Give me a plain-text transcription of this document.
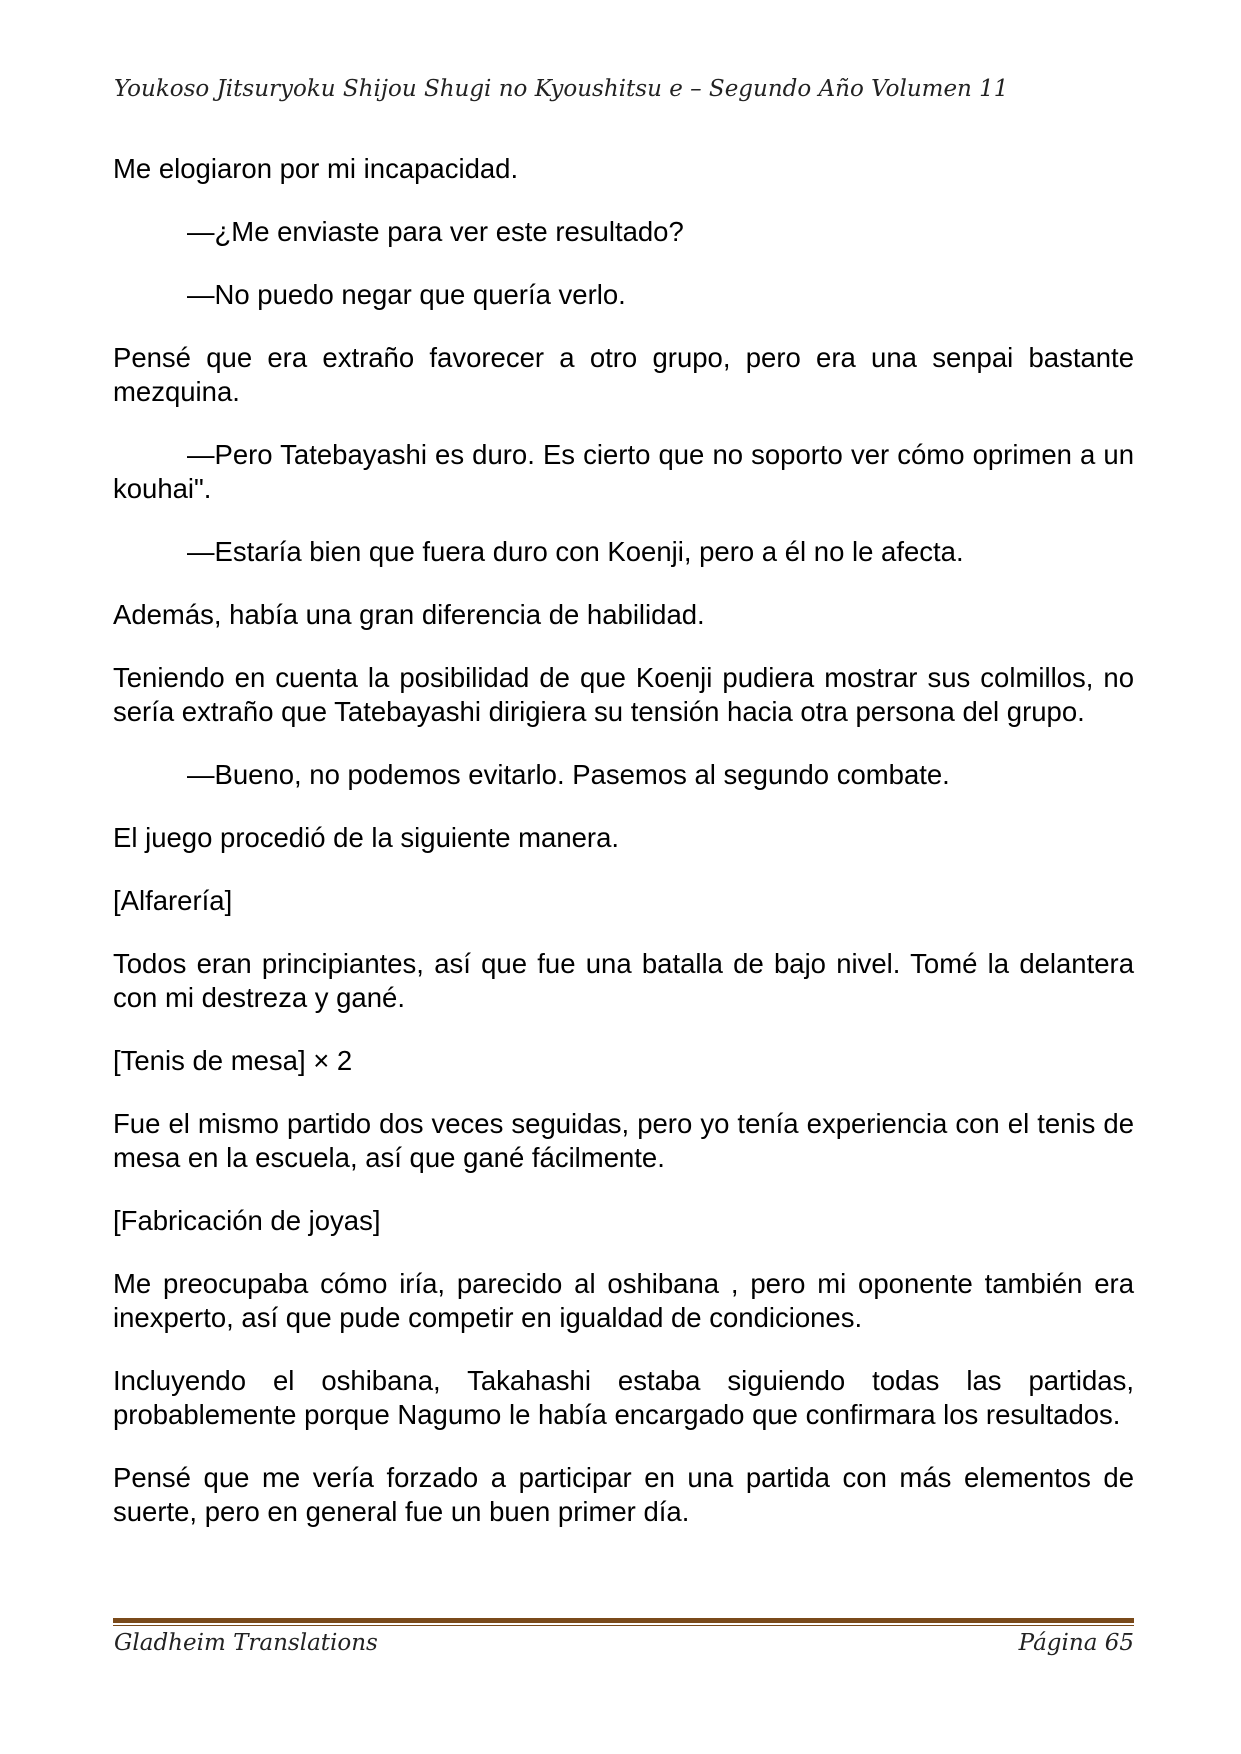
Youkoso Jitsuryoku Shijou Shugi no Kyoushitsu e – Segundo Año Volumen 11

Me elogiaron por mi incapacidad.

—¿Me enviaste para ver este resultado?

—No puedo negar que quería verlo.

Pensé que era extraño favorecer a otro grupo, pero era una senpai bastante mezquina.

—Pero Tatebayashi es duro. Es cierto que no soporto ver cómo oprimen a un kouhai".

—Estaría bien que fuera duro con Koenji, pero a él no le afecta.

Además, había una gran diferencia de habilidad.

Teniendo en cuenta la posibilidad de que Koenji pudiera mostrar sus colmillos, no sería extraño que Tatebayashi dirigiera su tensión hacia otra persona del grupo.

—Bueno, no podemos evitarlo. Pasemos al segundo combate.

El juego procedió de la siguiente manera.

[Alfarería]

Todos eran principiantes, así que fue una batalla de bajo nivel. Tomé la delantera con mi destreza y gané.

[Tenis de mesa] × 2

Fue el mismo partido dos veces seguidas, pero yo tenía experiencia con el tenis de mesa en la escuela, así que gané fácilmente.

[Fabricación de joyas]

Me preocupaba cómo iría, parecido al oshibana , pero mi oponente también era inexperto, así que pude competir en igualdad de condiciones.

Incluyendo el oshibana, Takahashi estaba siguiendo todas las partidas, probablemente porque Nagumo le había encargado que confirmara los resultados.

Pensé que me vería forzado a participar en una partida con más elementos de suerte, pero en general fue un buen primer día.

Gladheim Translations	Página 65
